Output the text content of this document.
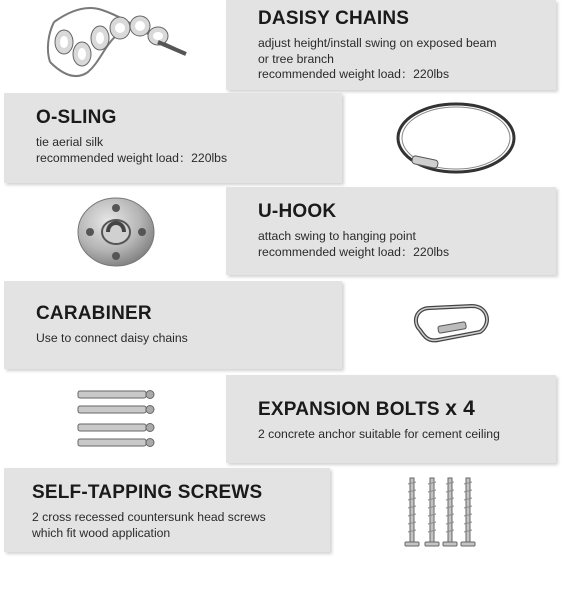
DASISY CHAINS
adjust height/install swing on exposed beam
or tree branch
recommended weight load：220lbs
O-SLING
tie aerial silk
recommended weight load：220lbs
U-HOOK
attach swing to hanging point
recommended weight load：220lbs
CARABINER
Use to connect daisy chains
EXPANSION BOLTS x 4
2 concrete anchor suitable for cement ceiling
SELF-TAPPING SCREWS
2 cross recessed countersunk head screws
which fit wood application
